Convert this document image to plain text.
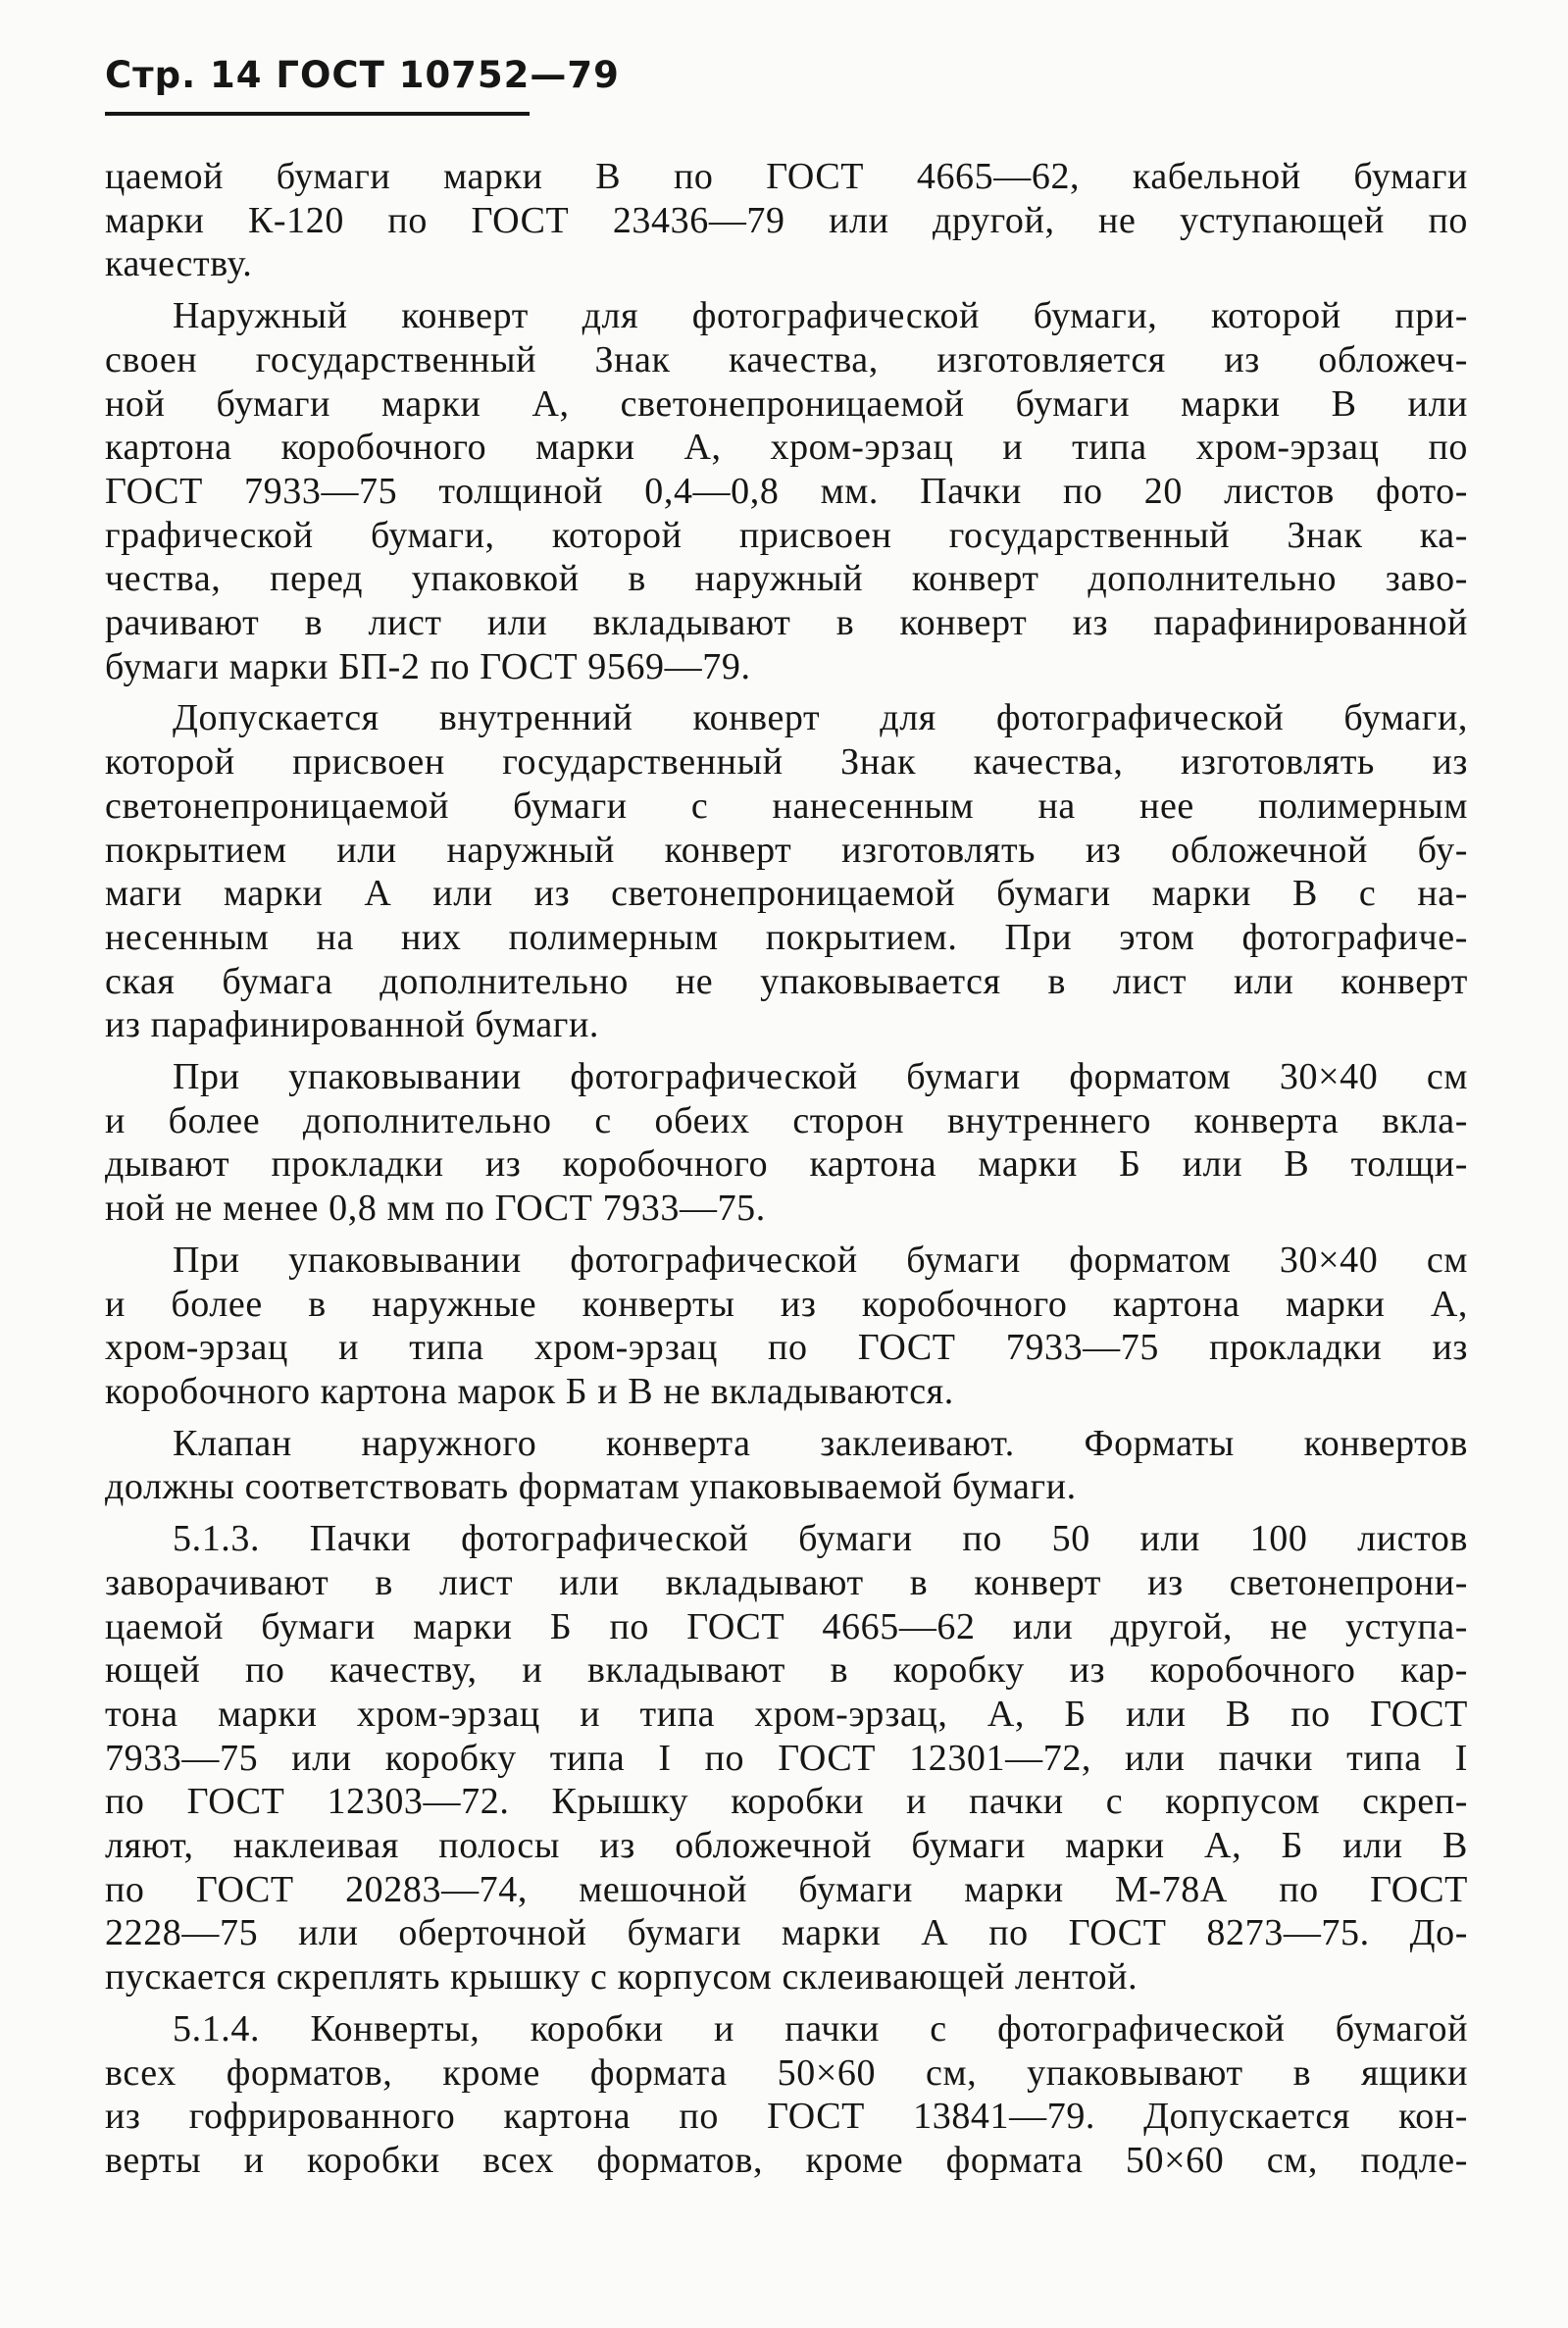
Стр. 14 ГОСТ 10752—79

цаемой бумаги марки В по ГОСТ 4665—62, кабельной бумаги
марки К-120 по ГОСТ 23436—79 или другой, не уступающей по
качеству.

Наружный конверт для фотографической бумаги, которой при-
своен государственный Знак качества, изготовляется из обложеч-
ной бумаги марки А, светонепроницаемой бумаги марки В или
картона коробочного марки А, хром-эрзац и типа хром-эрзац по
ГОСТ 7933—75 толщиной 0,4—0,8 мм. Пачки по 20 листов фото-
графической бумаги, которой присвоен государственный Знак ка-
чества, перед упаковкой в наружный конверт дополнительно заво-
рачивают в лист или вкладывают в конверт из парафинированной
бумаги марки БП-2 по ГОСТ 9569—79.

Допускается внутренний конверт для фотографической бумаги,
которой присвоен государственный Знак качества, изготовлять из
светонепроницаемой бумаги с нанесенным на нее полимерным
покрытием или наружный конверт изготовлять из обложечной бу-
маги марки А или из светонепроницаемой бумаги марки В с на-
несенным на них полимерным покрытием. При этом фотографиче-
ская бумага дополнительно не упаковывается в лист или конверт
из парафинированной бумаги.

При упаковывании фотографической бумаги форматом 30×40 см
и более дополнительно с обеих сторон внутреннего конверта вкла-
дывают прокладки из коробочного картона марки Б или В толщи-
ной не менее 0,8 мм по ГОСТ 7933—75.

При упаковывании фотографической бумаги форматом 30×40 см
и более в наружные конверты из коробочного картона марки А,
хром-эрзац и типа хром-эрзац по ГОСТ 7933—75 прокладки из
коробочного картона марок Б и В не вкладываются.

Клапан наружного конверта заклеивают. Форматы конвертов
должны соответствовать форматам упаковываемой бумаги.

5.1.3. Пачки фотографической бумаги по 50 или 100 листов
заворачивают в лист или вкладывают в конверт из светонепрони-
цаемой бумаги марки Б по ГОСТ 4665—62 или другой, не уступа-
ющей по качеству, и вкладывают в коробку из коробочного кар-
тона марки хром-эрзац и типа хром-эрзац, А, Б или В по ГОСТ
7933—75 или коробку типа I по ГОСТ 12301—72, или пачки типа I
по ГОСТ 12303—72. Крышку коробки и пачки с корпусом скреп-
ляют, наклеивая полосы из обложечной бумаги марки А, Б или В
по ГОСТ 20283—74, мешочной бумаги марки М-78А по ГОСТ
2228—75 или оберточной бумаги марки А по ГОСТ 8273—75. До-
пускается скреплять крышку с корпусом склеивающей лентой.

5.1.4. Конверты, коробки и пачки с фотографической бумагой
всех форматов, кроме формата 50×60 см, упаковывают в ящики
из гофрированного картона по ГОСТ 13841—79. Допускается кон-
верты и коробки всех форматов, кроме формата 50×60 см, подле-
